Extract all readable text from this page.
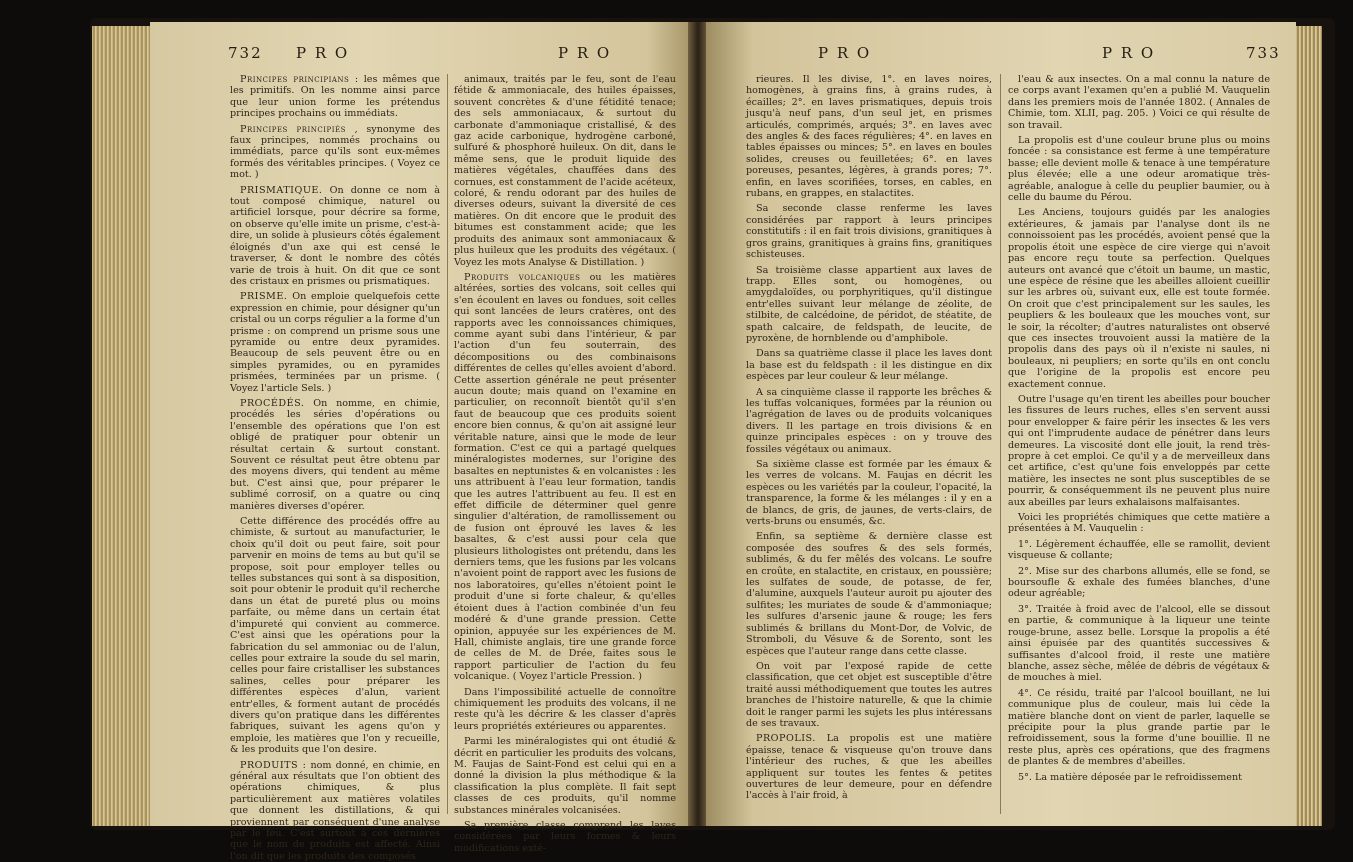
732 P R O	P R O

Principes principians : les mêmes que les primitifs. On les nomme ainsi parce que leur union forme les prétendus principes prochains ou immédiats.

Principes principiés , synonyme des faux principes, nommés prochains ou immédiats, parce qu'ils sont eux-mêmes formés des véritables principes. ( Voyez ce mot. )

PRISMATIQUE. On donne ce nom à tout composé chimique, naturel ou artificiel lorsque, pour décrire sa forme, on observe qu'elle imite un prisme, c'est-à-dire, un solide à plusieurs côtés également éloignés d'un axe qui est censé le traverser, & dont le nombre des côtés varie de trois à huit. On dit que ce sont des cristaux en prismes ou prismatiques.

PRISME. On emploie quelquefois cette expression en chimie, pour désigner qu'un cristal ou un corps régulier a la forme d'un prisme : on comprend un prisme sous une pyramide ou entre deux pyramides. Beaucoup de sels peuvent être ou en simples pyramides, ou en pyramides prismées, terminées par un prisme. ( Voyez l'article Sels. )

PROCÉDÉS. On nomme, en chimie, procédés les séries d'opérations ou l'ensemble des opérations que l'on est obligé de pratiquer pour obtenir un résultat certain & surtout constant. Souvent ce résultat peut être obtenu par des moyens divers, qui tendent au même but. C'est ainsi que, pour préparer le sublimé corrosif, on a quatre ou cinq manières diverses d'opérer.

Cette différence des procédés offre au chimiste, & surtout au manufacturier, le choix qu'il doit ou peut faire, soit pour parvenir en moins de tems au but qu'il se propose, soit pour employer telles ou telles substances qui sont à sa disposition, soit pour obtenir le produit qu'il recherche dans un état de pureté plus ou moins parfaite, ou même dans un certain état d'impureté qui convient au commerce. C'est ainsi que les opérations pour la fabrication du sel ammoniac ou de l'alun, celles pour extraire la soude du sel marin, celles pour faire cristalliser les substances salines, celles pour préparer les différentes espèces d'alun, varient entr'elles, & forment autant de procédés divers qu'on pratique dans les différentes fabriques, suivant les agens qu'on y emploie, les matières que l'on y recueille, & les produits que l'on desire.

PRODUITS : nom donné, en chimie, en général aux résultats que l'on obtient des opérations chimiques, & plus particulièrement aux matières volatiles que donnent les distillations, & qui proviennent par conséquent d'une analyse par le feu. C'est surtout à ces dernières que le nom de produits est affecté. Ainsi l'on dit que les produits des composés

animaux, traités par le feu, sont de l'eau fétide & ammoniacale, des huiles épaisses, souvent concrètes & d'une fétidité tenace; des sels ammoniacaux, & surtout du carbonate d'ammoniaque cristallisé, & des gaz acide carbonique, hydrogène carboné, sulfuré & phosphoré huileux. On dit, dans le même sens, que le produit liquide des matières végétales, chauffées dans des cornues, est constamment de l'acide acéteux, coloré, & rendu odorant par des huiles de diverses odeurs, suivant la diversité de ces matières. On dit encore que le produit des bitumes est constamment acide; que les produits des animaux sont ammoniacaux & plus huileux que les produits des végétaux. ( Voyez les mots Analyse & Distillation. )

Produits volcaniques ou les matières altérées, sorties des volcans, soit celles qui s'en écoulent en laves ou fondues, soit celles qui sont lancées de leurs cratères, ont des rapports avec les connoissances chimiques, comme ayant subi dans l'intérieur, & par l'action d'un feu souterrain, des décompositions ou des combinaisons différentes de celles qu'elles avoient d'abord. Cette assertion générale ne peut présenter aucun doute; mais quand on l'examine en particulier, on reconnoît bientôt qu'il s'en faut de beaucoup que ces produits soient encore bien connus, & qu'on ait assigné leur véritable nature, ainsi que le mode de leur formation. C'est ce qui a partagé quelques minéralogistes modernes, sur l'origine des basaltes en neptunistes & en volcanistes : les uns attribuent à l'eau leur formation, tandis que les autres l'attribuent au feu. Il est en effet difficile de déterminer quel genre singulier d'altération, de ramollissement ou de fusion ont éprouvé les laves & les basaltes, & c'est aussi pour cela que plusieurs lithologistes ont prétendu, dans les derniers tems, que les fusions par les volcans n'avoient point de rapport avec les fusions de nos laboratoires, qu'elles n'étoient point le produit d'une si forte chaleur, & qu'elles étoient dues à l'action combinée d'un feu modéré & d'une grande pression. Cette opinion, appuyée sur les expériences de M. Hall, chimiste anglais, tire une grande force de celles de M. de Drée, faites sous le rapport particulier de l'action du feu volcanique. ( Voyez l'article Pression. )

Dans l'impossibilité actuelle de connoître chimiquement les produits des volcans, il ne reste qu'à les décrire & les classer d'après leurs propriétés extérieures ou apparentes.

Parmi les minéralogistes qui ont étudié & décrit en particulier les produits des volcans, M. Faujas de Saint-Fond est celui qui en a donné la division la plus méthodique & la classification la plus complète. Il fait sept classes de ces produits, qu'il nomme substances minérales volcanisées.

Sa première classe comprend les laves considérées par leurs formes & leurs modifications exté-

P R O	P R O	733

rieures. Il les divise, 1°. en laves noires, homogènes, à grains fins, à grains rudes, à écailles; 2°. en laves prismatiques, depuis trois jusqu'à neuf pans, d'un seul jet, en prismes articulés, comprimés, arqués; 3°. en laves avec des angles & des faces régulières; 4°. en laves en tables épaisses ou minces; 5°. en laves en boules solides, creuses ou feuilletées; 6°. en laves poreuses, pesantes, légères, à grands pores; 7°. enfin, en laves scorifiées, torses, en cables, en rubans, en grappes, en stalactites.

Sa seconde classe renferme les laves considérées par rapport à leurs principes constitutifs : il en fait trois divisions, granitiques à gros grains, granitiques à grains fins, granitiques schisteuses.

Sa troisième classe appartient aux laves de trapp. Elles sont, ou homogènes, ou amygdaloïdes, ou porphyritiques, qu'il distingue entr'elles suivant leur mélange de zéolite, de stilbite, de calcédoine, de péridot, de stéatite, de spath calcaire, de feldspath, de leucite, de pyroxène, de hornblende ou d'amphibole.

Dans sa quatrième classe il place les laves dont la base est du feldspath : il les distingue en dix espèces par leur couleur & leur mélange.

A sa cinquième classe il rapporte les brêches & les tuffas volcaniques, formées par la réunion ou l'agrégation de laves ou de produits volcaniques divers. Il les partage en trois divisions & en quinze principales espèces : on y trouve des fossiles végétaux ou animaux.

Sa sixième classe est formée par les émaux & les verres de volcans. M. Faujas en décrit les espèces ou les variétés par la couleur, l'opacité, la transparence, la forme & les mélanges : il y en a de blancs, de gris, de jaunes, de verts-clairs, de verts-bruns ou ensumés, &c.

Enfin, sa septième & dernière classe est composée des soufres & des sels formés, sublimés, & du fer mêlés des volcans. Le soufre en croûte, en stalactite, en cristaux, en poussière; les sulfates de soude, de potasse, de fer, d'alumine, auxquels l'auteur auroit pu ajouter des sulfites; les muriates de soude & d'ammoniaque; les sulfures d'arsenic jaune & rouge; les fers sublimés & brillans du Mont-Dor, de Volvic, de Stromboli, du Vésuve & de Sorento, sont les espèces que l'auteur range dans cette classe.

On voit par l'exposé rapide de cette classification, que cet objet est susceptible d'être traité aussi méthodiquement que toutes les autres branches de l'histoire naturelle, & que la chimie doit le ranger parmi les sujets les plus intéressans de ses travaux.

PROPOLIS. La propolis est une matière épaisse, tenace & visqueuse qu'on trouve dans l'intérieur des ruches, & que les abeilles appliquent sur toutes les fentes & petites ouvertures de leur demeure, pour en défendre l'accès à l'air froid, à

l'eau & aux insectes. On a mal connu la nature de ce corps avant l'examen qu'en a publié M. Vauquelin dans les premiers mois de l'année 1802. ( Annales de Chimie, tom. XLII, pag. 205. ) Voici ce qui résulte de son travail.

La propolis est d'une couleur brune plus ou moins foncée : sa consistance est ferme à une température basse; elle devient molle & tenace à une température plus élevée; elle a une odeur aromatique très-agréable, analogue à celle du peuplier baumier, ou à celle du baume du Pérou.

Les Anciens, toujours guidés par les analogies extérieures, & jamais par l'analyse dont ils ne connoissoient pas les procédés, avoient pensé que la propolis étoit une espèce de cire vierge qui n'avoit pas encore reçu toute sa perfection. Quelques auteurs ont avancé que c'étoit un baume, un mastic, une espèce de résine que les abeilles alloient cueillir sur les arbres où, suivant eux, elle est toute formée. On croit que c'est principalement sur les saules, les peupliers & les bouleaux que les mouches vont, sur le soir, la récolter; d'autres naturalistes ont observé que ces insectes trouvoient aussi la matière de la propolis dans des pays où il n'existe ni saules, ni bouleaux, ni peupliers; en sorte qu'ils en ont conclu que l'origine de la propolis est encore peu exactement connue.

Outre l'usage qu'en tirent les abeilles pour boucher les fissures de leurs ruches, elles s'en servent aussi pour envelopper & faire périr les insectes & les vers qui ont l'imprudente audace de pénétrer dans leurs demeures. La viscosité dont elle jouit, la rend très-propre à cet emploi. Ce qu'il y a de merveilleux dans cet artifice, c'est qu'une fois enveloppés par cette matière, les insectes ne sont plus susceptibles de se pourrir, & conséquemment ils ne peuvent plus nuire aux abeilles par leurs exhalaisons malfaisantes.

Voici les propriétés chimiques que cette matière a présentées à M. Vauquelin :

1°. Légèrement échauffée, elle se ramollit, devient visqueuse & collante;

2°. Mise sur des charbons allumés, elle se fond, se boursoufle & exhale des fumées blanches, d'une odeur agréable;

3°. Traitée à froid avec de l'alcool, elle se dissout en partie, & communique à la liqueur une teinte rouge-brune, assez belle. Lorsque la propolis a été ainsi épuisée par des quantités successives & suffisantes d'alcool froid, il reste une matière blanche, assez sèche, mêlée de débris de végétaux & de mouches à miel.

4°. Ce résidu, traité par l'alcool bouillant, ne lui communique plus de couleur, mais lui cède la matière blanche dont on vient de parler, laquelle se précipite pour la plus grande partie par le refroidissement, sous la forme d'une bouillie. Il ne reste plus, après ces opérations, que des fragmens de plantes & de membres d'abeilles.

5°. La matière déposée par le refroidissement
